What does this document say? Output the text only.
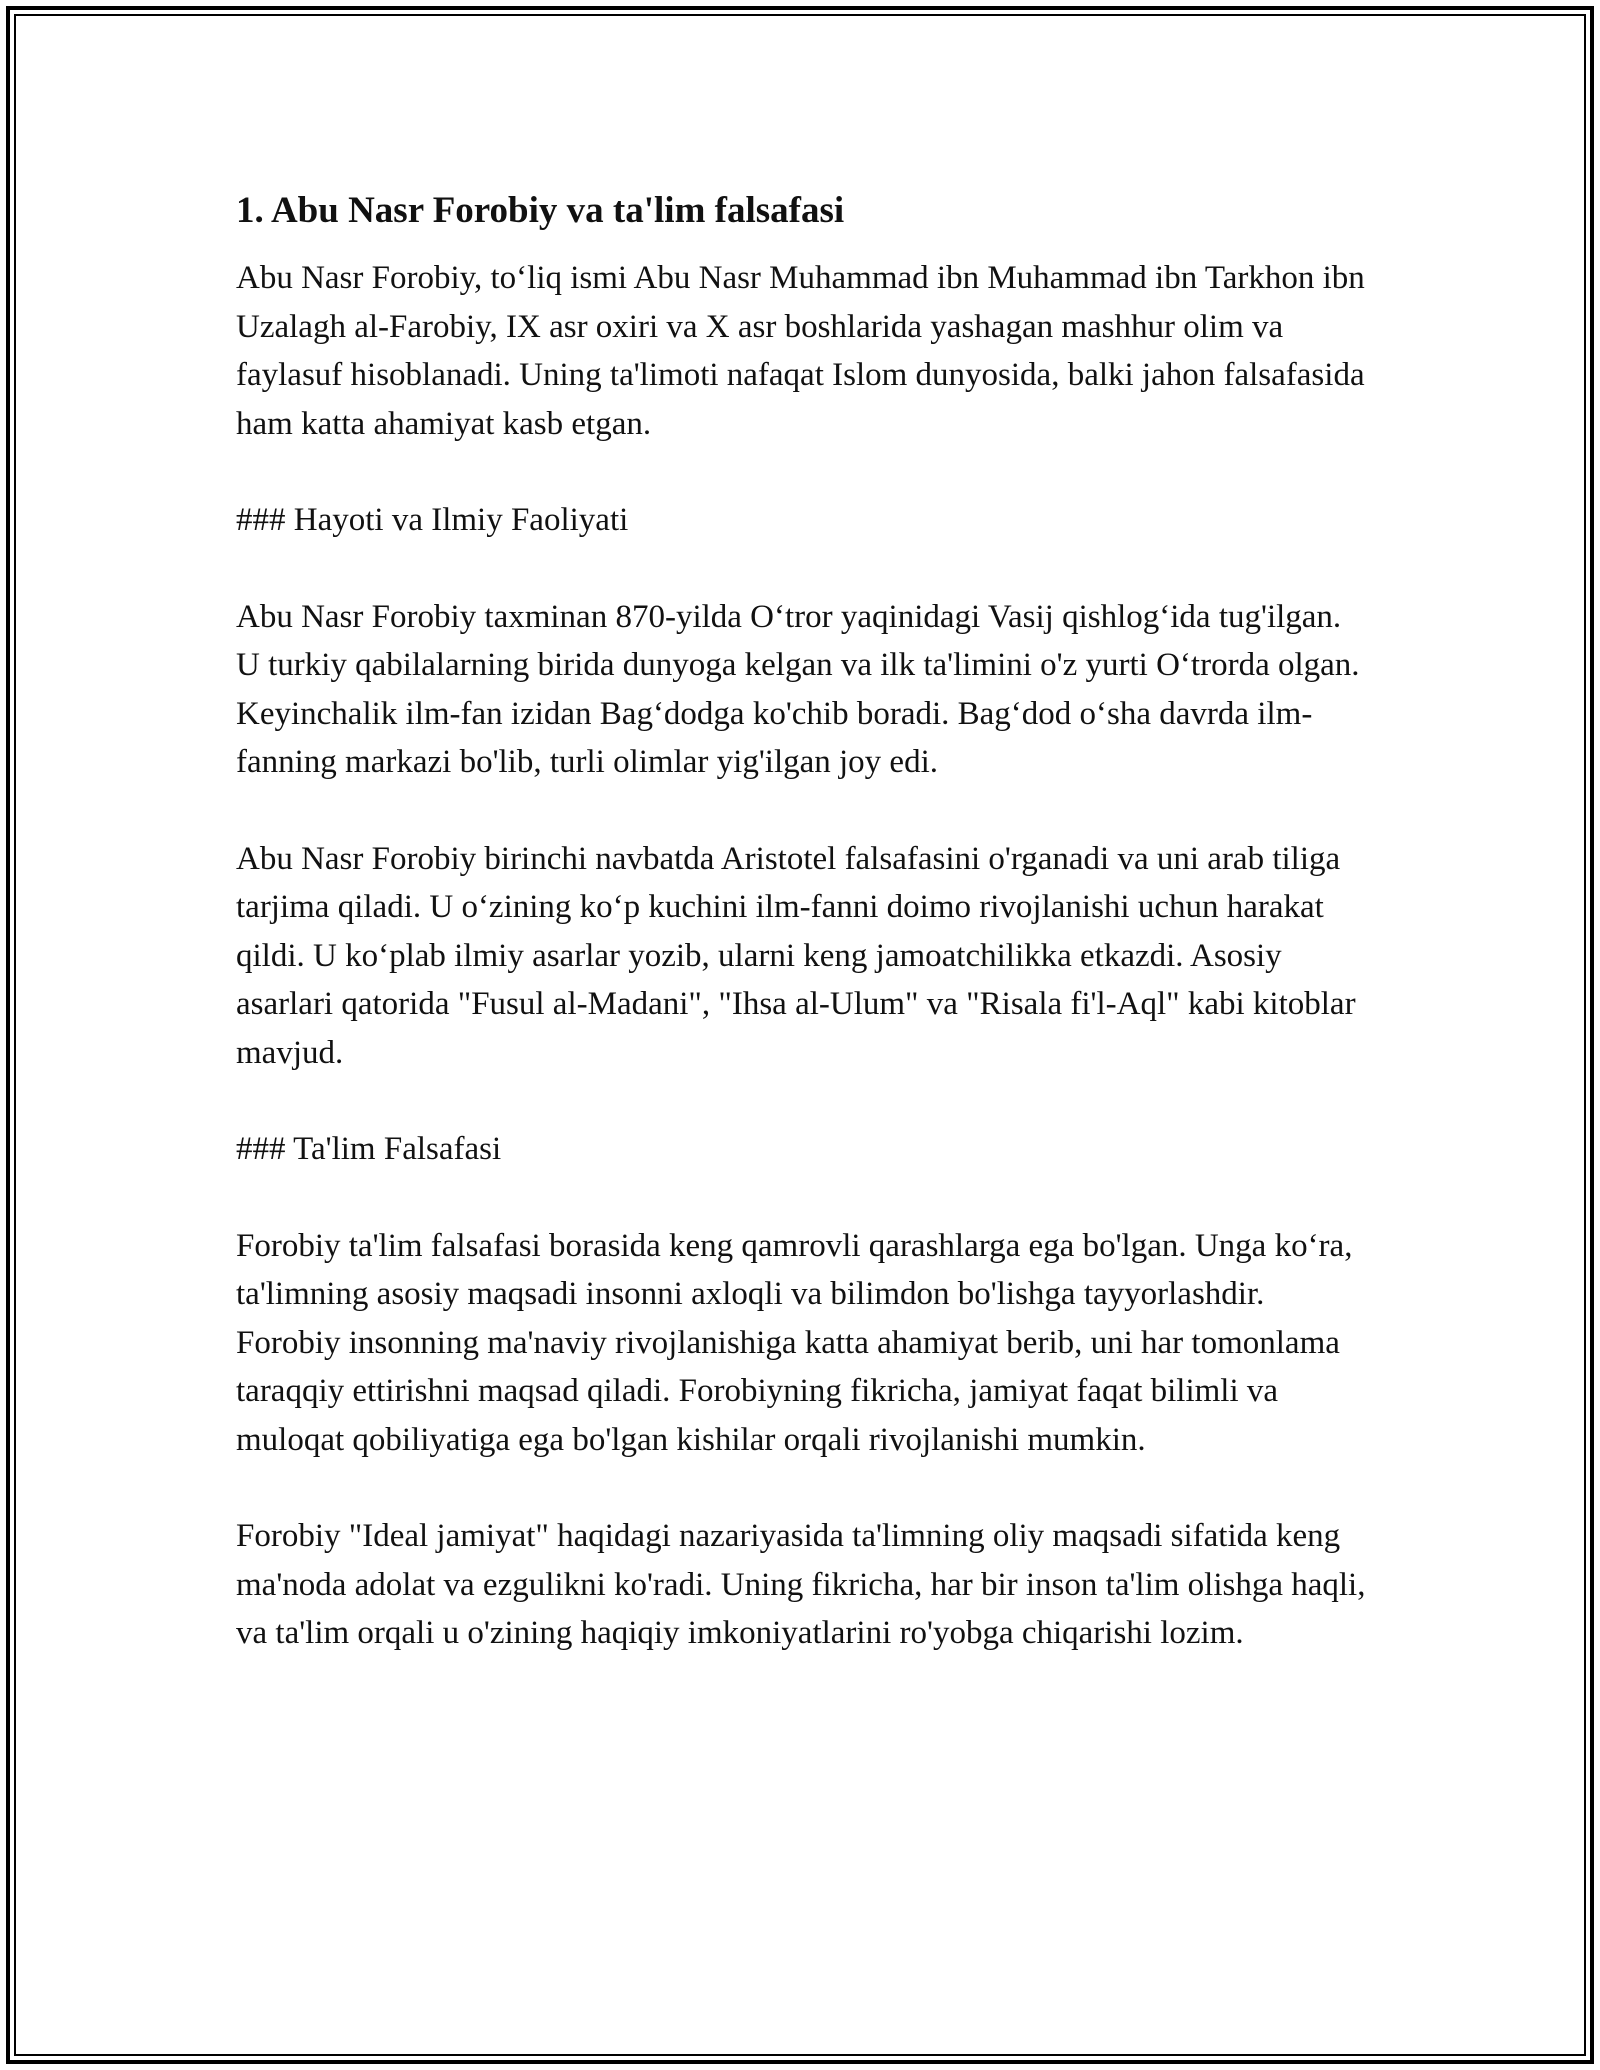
1. Abu Nasr Forobiy va ta'lim falsafasi

Abu Nasr Forobiy, to‘liq ismi Abu Nasr Muhammad ibn Muhammad ibn Tarkhon ibn Uzalagh al-Farobiy, IX asr oxiri va X asr boshlarida yashagan mashhur olim va faylasuf hisoblanadi. Uning ta'limoti nafaqat Islom dunyosida, balki jahon falsafasida ham katta ahamiyat kasb etgan.

### Hayoti va Ilmiy Faoliyati

Abu Nasr Forobiy taxminan 870-yilda O‘tror yaqinidagi Vasij qishlog‘ida tug'ilgan. U turkiy qabilalarning birida dunyoga kelgan va ilk ta'limini o'z yurti O‘trorda olgan. Keyinchalik ilm-fan izidan Bag‘dodga ko'chib boradi. Bag‘dod o‘sha davrda ilm-fanning markazi bo'lib, turli olimlar yig'ilgan joy edi.

Abu Nasr Forobiy birinchi navbatda Aristotel falsafasini o'rganadi va uni arab tiliga tarjima qiladi. U o‘zining ko‘p kuchini ilm-fanni doimo rivojlanishi uchun harakat qildi. U ko‘plab ilmiy asarlar yozib, ularni keng jamoatchilikka etkazdi. Asosiy asarlari qatorida "Fusul al-Madani", "Ihsa al-Ulum" va "Risala fi'l-Aql" kabi kitoblar mavjud.

### Ta'lim Falsafasi

Forobiy ta'lim falsafasi borasida keng qamrovli qarashlarga ega bo'lgan. Unga ko‘ra, ta'limning asosiy maqsadi insonni axloqli va bilimdon bo'lishga tayyorlashdir. Forobiy insonning ma'naviy rivojlanishiga katta ahamiyat berib, uni har tomonlama taraqqiy ettirishni maqsad qiladi. Forobiyning fikricha, jamiyat faqat bilimli va muloqat qobiliyatiga ega bo'lgan kishilar orqali rivojlanishi mumkin.

Forobiy "Ideal jamiyat" haqidagi nazariyasida ta'limning oliy maqsadi sifatida keng ma'noda adolat va ezgulikni ko'radi. Uning fikricha, har bir inson ta'lim olishga haqli, va ta'lim orqali u o'zining haqiqiy imkoniyatlarini ro'yobga chiqarishi lozim.
